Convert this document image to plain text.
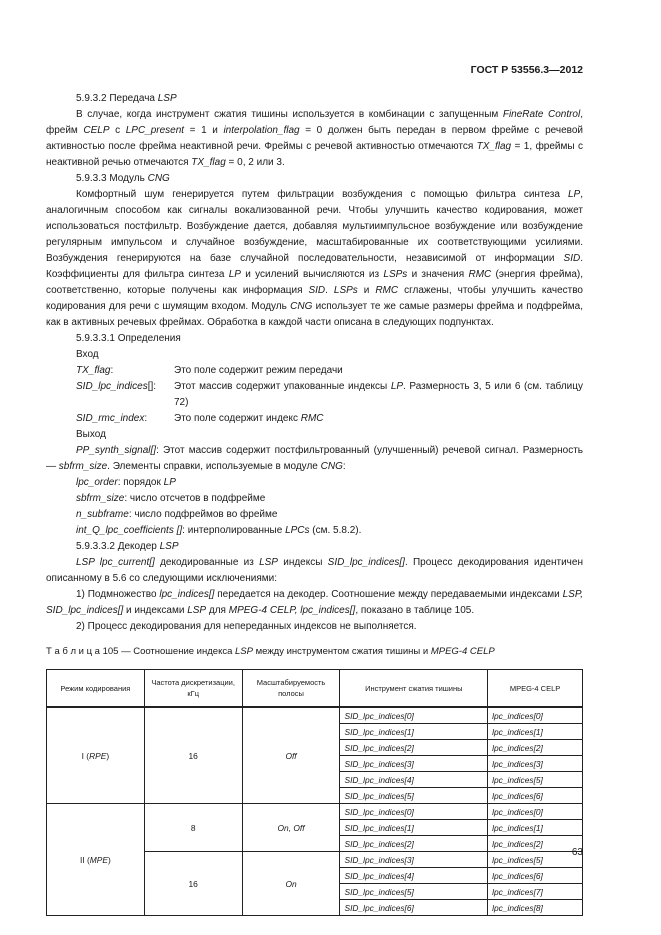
ГОСТ Р 53556.3—2012

5.9.3.2 Передача LSP

В случае, когда инструмент сжатия тишины используется в комбинации с запущенным FineRate Control, фрейм CELP с LPC_present = 1 и interpolation_flag = 0 должен быть передан в первом фрейме с речевой активностью после фрейма неактивной речи. Фреймы с речевой активностью отмечаются TX_flag = 1, фреймы с неактивной речью отмечаются TX_flag = 0, 2 или 3.

5.9.3.3 Модуль CNG

Комфортный шум генерируется путем фильтрации возбуждения с помощью фильтра синтеза LP, аналогичным способом как сигналы вокализованной речи. Чтобы улучшить качество кодирования, может использоваться постфильтр. Возбуждение дается, добавляя мультиимпульсное возбуждение или возбуждение регулярным импульсом и случайное возбуждение, масштабированные их соответствующими усилиями. Возбуждения генерируются на базе случайной последовательности, независимой от информации SID. Коэффициенты для фильтра синтеза LP и усилений вычисляются из LSPs и значения RMC (энергия фрейма), соответственно, которые получены как информация SID. LSPs и RMC сглажены, чтобы улучшить качество кодирования для речи с шумящим входом. Модуль CNG использует те же самые размеры фрейма и подфрейма, как в активных речевых фреймах. Обработка в каждой части описана в следующих подпунктах.

5.9.3.3.1 Определения

Вход

TX_flag:	Это поле содержит режим передачи

SID_lpc_indices[]: Этот массив содержит упакованные индексы LP. Размерность 3, 5 или 6 (см. таблицу 72)

SID_rmc_index:	Это поле содержит индекс RMC

Выход

PP_synth_signal[]: Этот массив содержит постфильтрованный (улучшенный) речевой сигнал. Размерность — sbfrm_size. Элементы справки, используемые в модуле CNG:

lpc_order: порядок LP

sbfrm_size: число отсчетов в подфрейме

n_subframe: число подфреймов во фрейме

int_Q_lpc_coefficients []: интерполированные LPCs (см. 5.8.2).

5.9.3.3.2 Декодер LSP

LSP lpc_current[] декодированные из LSP индексы SID_lpc_indices[]. Процесс декодирования идентичен описанному в 5.6 со следующими исключениями:

1) Подмножество lpc_indices[] передается на декодер. Соотношение между передаваемыми индексами LSP, SID_lpc_indices[] и индексами LSP для MPEG-4 CELP, lpc_indices[], показано в таблице 105.

2) Процесс декодирования для непереданных индексов не выполняется.

Т а б л и ц а 105 — Соотношение индекса LSP между инструментом сжатия тишины и MPEG-4 CELP

Режим кодирования	Частота дискретизации, кГц	Масштабируемость полосы	Инструмент сжатия тишины	MPEG-4 CELP
I (RPE)	16	Off	SID_lpc_indices[0]	lpc_indices[0]
			SID_lpc_indices[1]	lpc_indices[1]
			SID_lpc_indices[2]	lpc_indices[2]
			SID_lpc_indices[3]	lpc_indices[3]
			SID_lpc_indices[4]	lpc_indices[5]
			SID_lpc_indices[5]	lpc_indices[6]
II (MPE)	8	On, Off	SID_lpc_indices[0]	lpc_indices[0]
			SID_lpc_indices[1]	lpc_indices[1]
			SID_lpc_indices[2]	lpc_indices[2]
	16	On	SID_lpc_indices[3]	lpc_indices[5]
			SID_lpc_indices[4]	lpc_indices[6]
			SID_lpc_indices[5]	lpc_indices[7]
			SID_lpc_indices[6]	lpc_indices[8]
63
